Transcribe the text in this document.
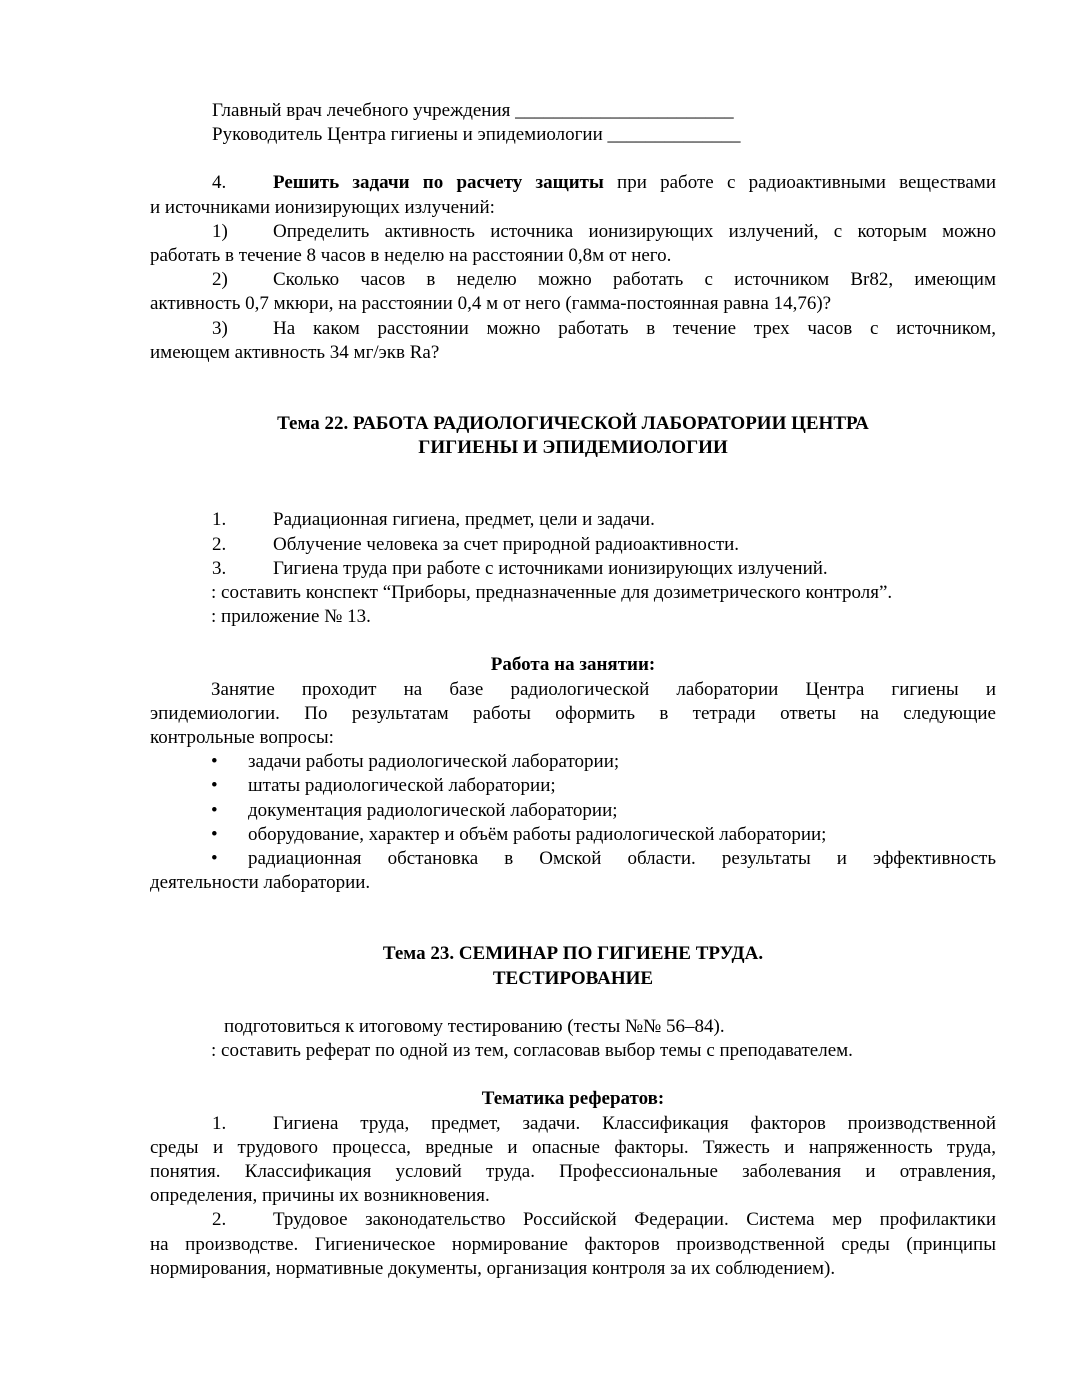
Главный врач лечебного учреждения _______________________

Руководитель Центра гигиены и эпидемиологии ______________

4. Решить задачи по расчету защиты при работе с радиоактивными веществами

и источниками ионизирующих излучений:

1) Определить активность источника ионизирующих излучений, с которым можно

работать в течение 8 часов в неделю на расстоянии 0,8м от него.

2) Сколько часов в неделю можно работать с источником Br82, имеющим

активность 0,7 мкюри, на расстоянии 0,4 м от него (гамма-постоянная равна 14,76)?

3) На каком расстоянии можно работать в течение трех часов с источником,

имеющем активность 34 мг/экв Ra?

Тема 22. РАБОТА РАДИОЛОГИЧЕСКОЙ ЛАБОРАТОРИИ ЦЕНТРА

ГИГИЕНЫ И ЭПИДЕМИОЛОГИИ

1. Радиационная гигиена, предмет, цели и задачи.

2. Облучение человека за счет природной радиоактивности.

3. Гигиена труда при работе с источниками ионизирующих излучений.

: составить конспект “Приборы, предназначенные для дозиметрического контроля”.

: приложение № 13.

Работа на занятии:

Занятие проходит на базе радиологической лаборатории Центра гигиены и

эпидемиологии. По результатам работы оформить в тетради ответы на следующие

контрольные вопросы:

• задачи работы радиологической лаборатории;

• штаты радиологической лаборатории;

• документация радиологической лаборатории;

• оборудование, характер и объём работы радиологической лаборатории;

• радиационная обстановка в Омской области. результаты и эффективность

деятельности лаборатории.

Тема 23. СЕМИНАР ПО ГИГИЕНЕ ТРУДА.

ТЕСТИРОВАНИЕ

подготовиться к итоговому тестированию (тесты №№ 56–84).

: составить реферат по одной из тем, согласовав выбор темы с преподавателем.

Тематика рефератов:

1. Гигиена труда, предмет, задачи. Классификация факторов производственной

среды и трудового процесса, вредные и опасные факторы. Тяжесть и напряженность труда,

понятия. Классификация условий труда. Профессиональные заболевания и отравления,

определения, причины их возникновения.

2. Трудовое законодательство Российской Федерации. Система мер профилактики

на производстве. Гигиеническое нормирование факторов производственной среды (принципы

нормирования, нормативные документы, организация контроля за их соблюдением).
